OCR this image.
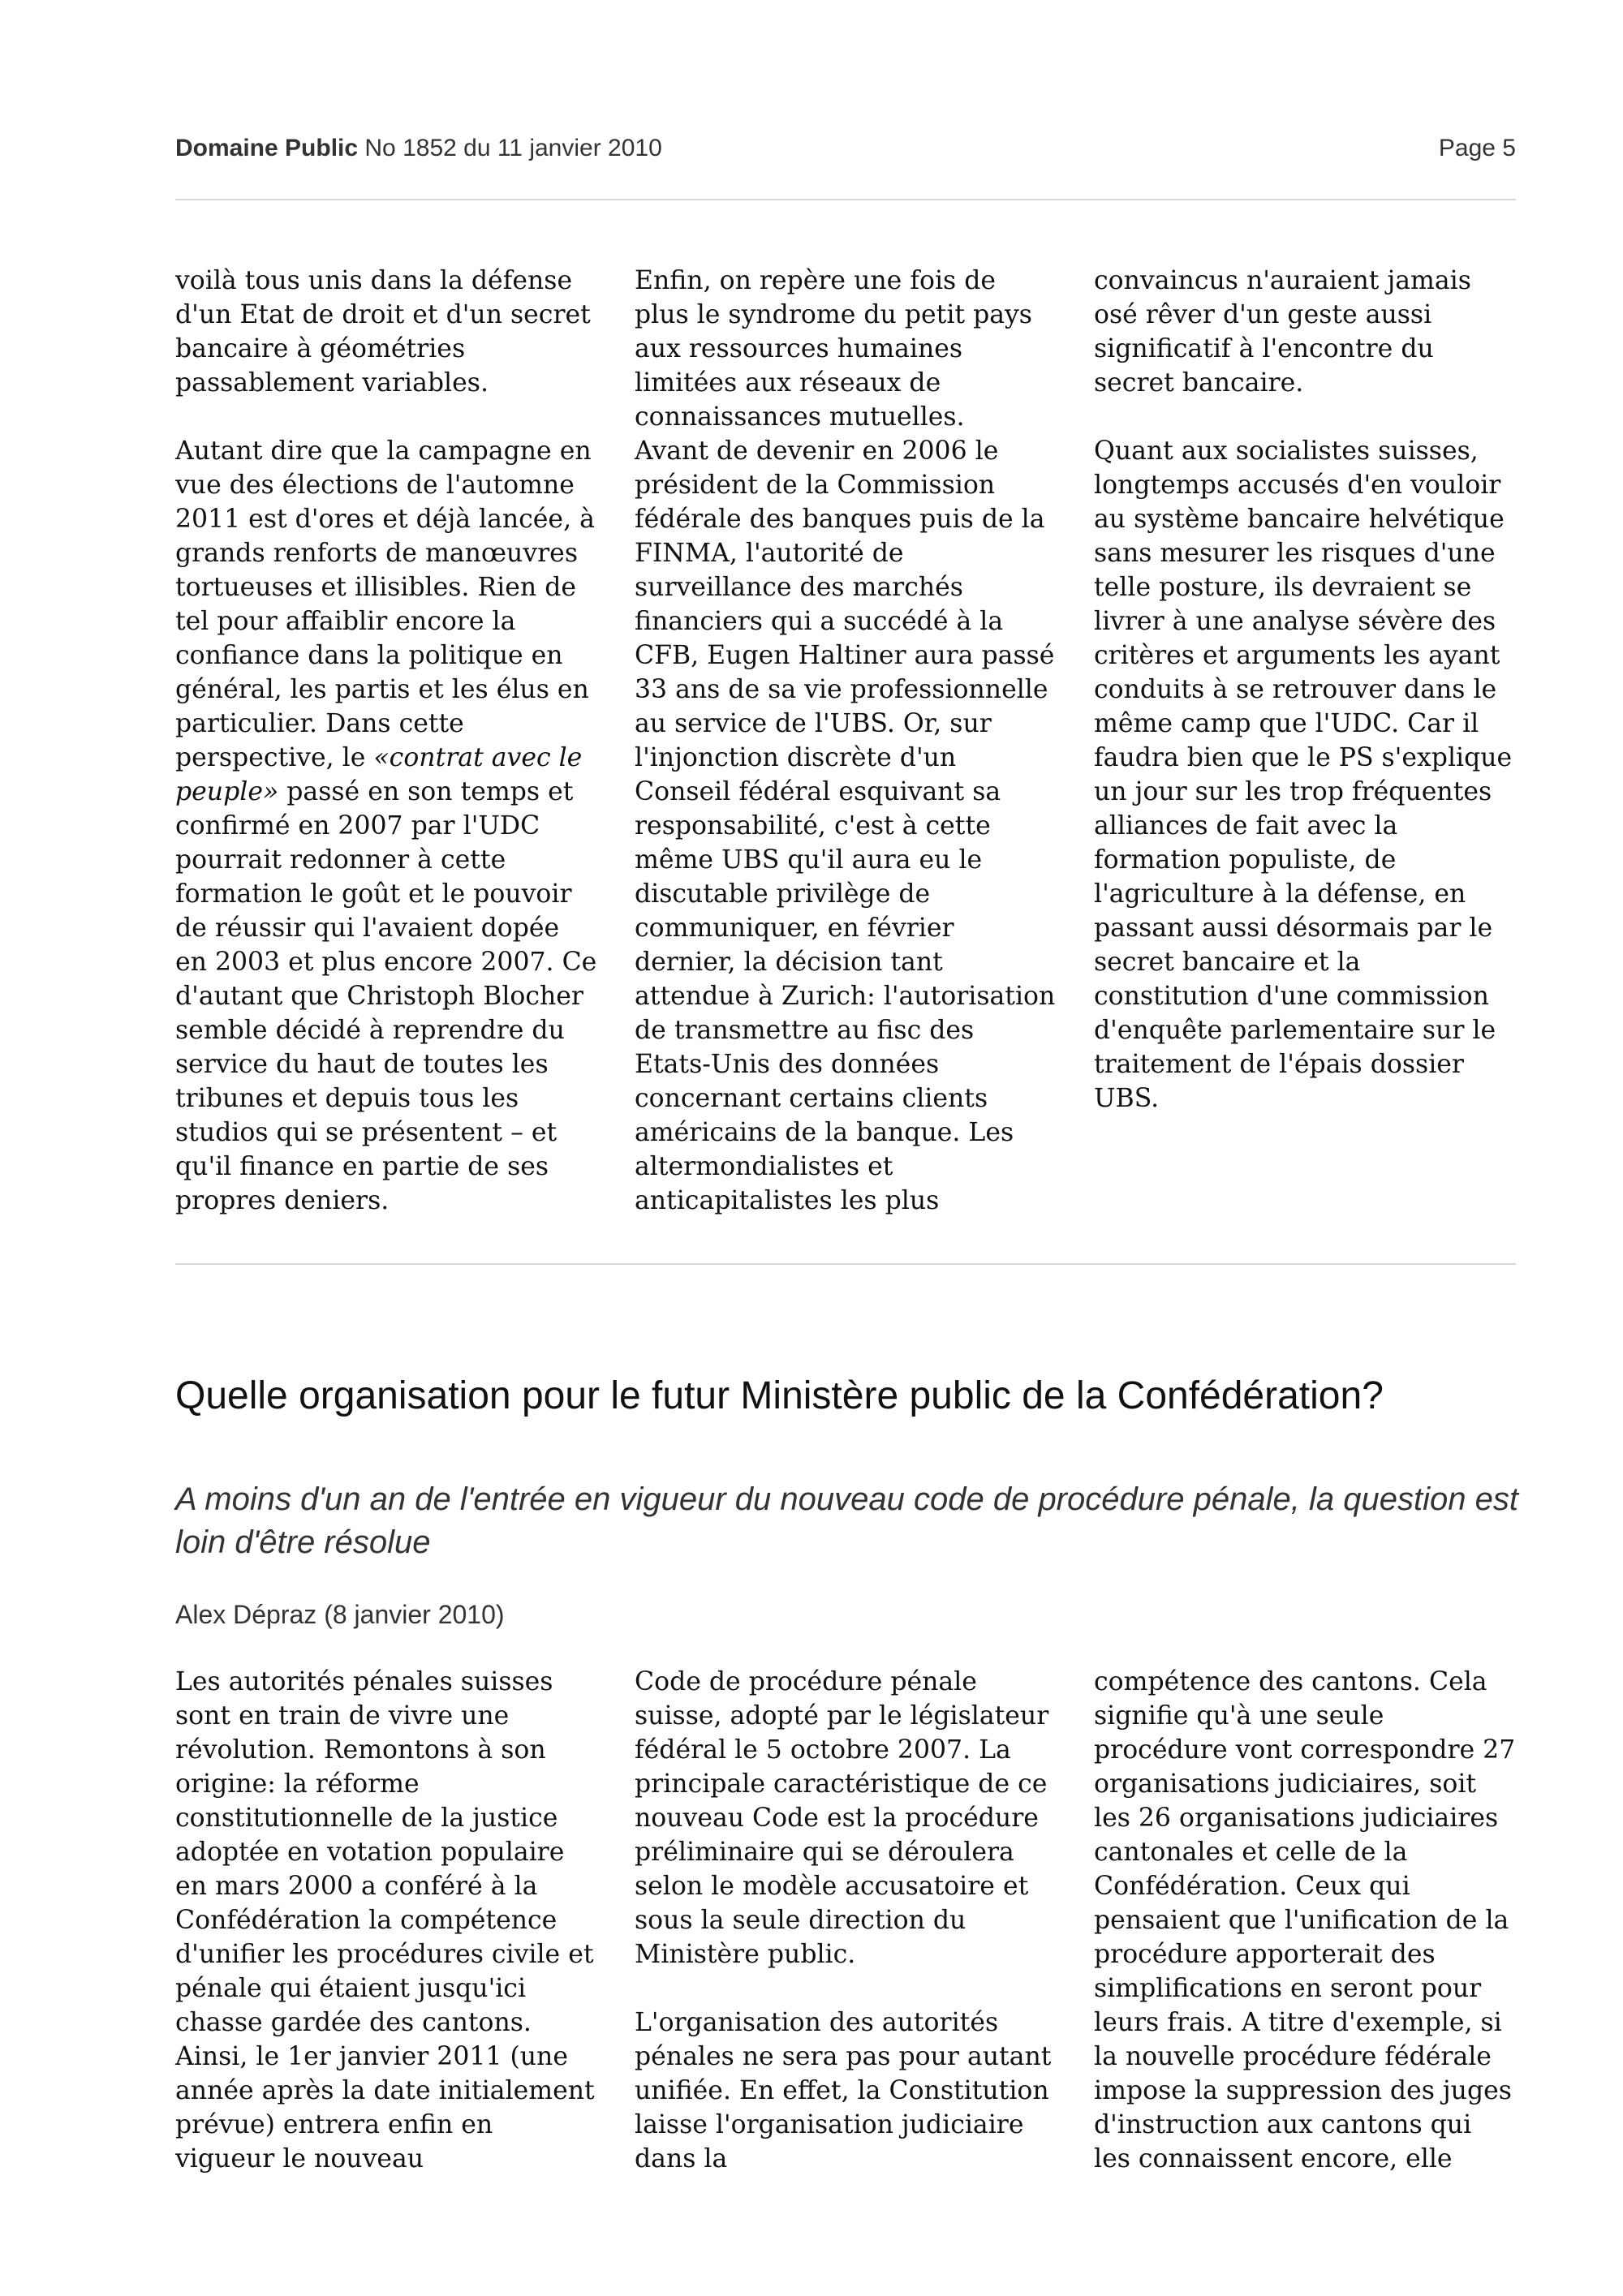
Domaine Public No 1852 du 11 janvier 2010	Page 5

voilà tous unis dans la défense d'un Etat de droit et d'un secret bancaire à géométries passablement variables.

Autant dire que la campagne en vue des élections de l'automne 2011 est d'ores et déjà lancée, à grands renforts de manœuvres tortueuses et illisibles. Rien de tel pour affaiblir encore la confiance dans la politique en général, les partis et les élus en particulier. Dans cette perspective, le «contrat avec le peuple» passé en son temps et confirmé en 2007 par l'UDC pourrait redonner à cette formation le goût et le pouvoir de réussir qui l'avaient dopée en 2003 et plus encore 2007. Ce d'autant que Christoph Blocher semble décidé à reprendre du service du haut de toutes les tribunes et depuis tous les studios qui se présentent – et qu'il finance en partie de ses propres deniers.

Enfin, on repère une fois de plus le syndrome du petit pays aux ressources humaines limitées aux réseaux de connaissances mutuelles.

Avant de devenir en 2006 le président de la Commission fédérale des banques puis de la FINMA, l'autorité de surveillance des marchés financiers qui a succédé à la CFB, Eugen Haltiner aura passé 33 ans de sa vie professionnelle au service de l'UBS. Or, sur l'injonction discrète d'un Conseil fédéral esquivant sa responsabilité, c'est à cette même UBS qu'il aura eu le discutable privilège de communiquer, en février dernier, la décision tant attendue à Zurich: l'autorisation de transmettre au fisc des Etats-Unis des données concernant certains clients américains de la banque. Les altermondialistes et anticapitalistes les plus

convaincus n'auraient jamais osé rêver d'un geste aussi significatif à l'encontre du secret bancaire.

Quant aux socialistes suisses, longtemps accusés d'en vouloir au système bancaire helvétique sans mesurer les risques d'une telle posture, ils devraient se livrer à une analyse sévère des critères et arguments les ayant conduits à se retrouver dans le même camp que l'UDC. Car il faudra bien que le PS s'explique un jour sur les trop fréquentes alliances de fait avec la formation populiste, de l'agriculture à la défense, en passant aussi désormais par le secret bancaire et la constitution d'une commission d'enquête parlementaire sur le traitement de l'épais dossier UBS.

Quelle organisation pour le futur Ministère public de la Confédération?

A moins d'un an de l'entrée en vigueur du nouveau code de procédure pénale, la question est loin d'être résolue

Alex Dépraz (8 janvier 2010)

Les autorités pénales suisses sont en train de vivre une révolution. Remontons à son origine: la réforme constitutionnelle de la justice adoptée en votation populaire en mars 2000 a conféré à la Confédération la compétence d'unifier les procédures civile et pénale qui étaient jusqu'ici chasse gardée des cantons. Ainsi, le 1er janvier 2011 (une année après la date initialement prévue) entrera enfin en vigueur le nouveau

Code de procédure pénale suisse, adopté par le législateur fédéral le 5 octobre 2007. La principale caractéristique de ce nouveau Code est la procédure préliminaire qui se déroulera selon le modèle accusatoire et sous la seule direction du Ministère public.

L'organisation des autorités pénales ne sera pas pour autant unifiée. En effet, la Constitution laisse l'organisation judiciaire dans la

compétence des cantons. Cela signifie qu'à une seule procédure vont correspondre 27 organisations judiciaires, soit les 26 organisations judiciaires cantonales et celle de la Confédération. Ceux qui pensaient que l'unification de la procédure apporterait des simplifications en seront pour leurs frais. A titre d'exemple, si la nouvelle procédure fédérale impose la suppression des juges d'instruction aux cantons qui les connaissent encore, elle
